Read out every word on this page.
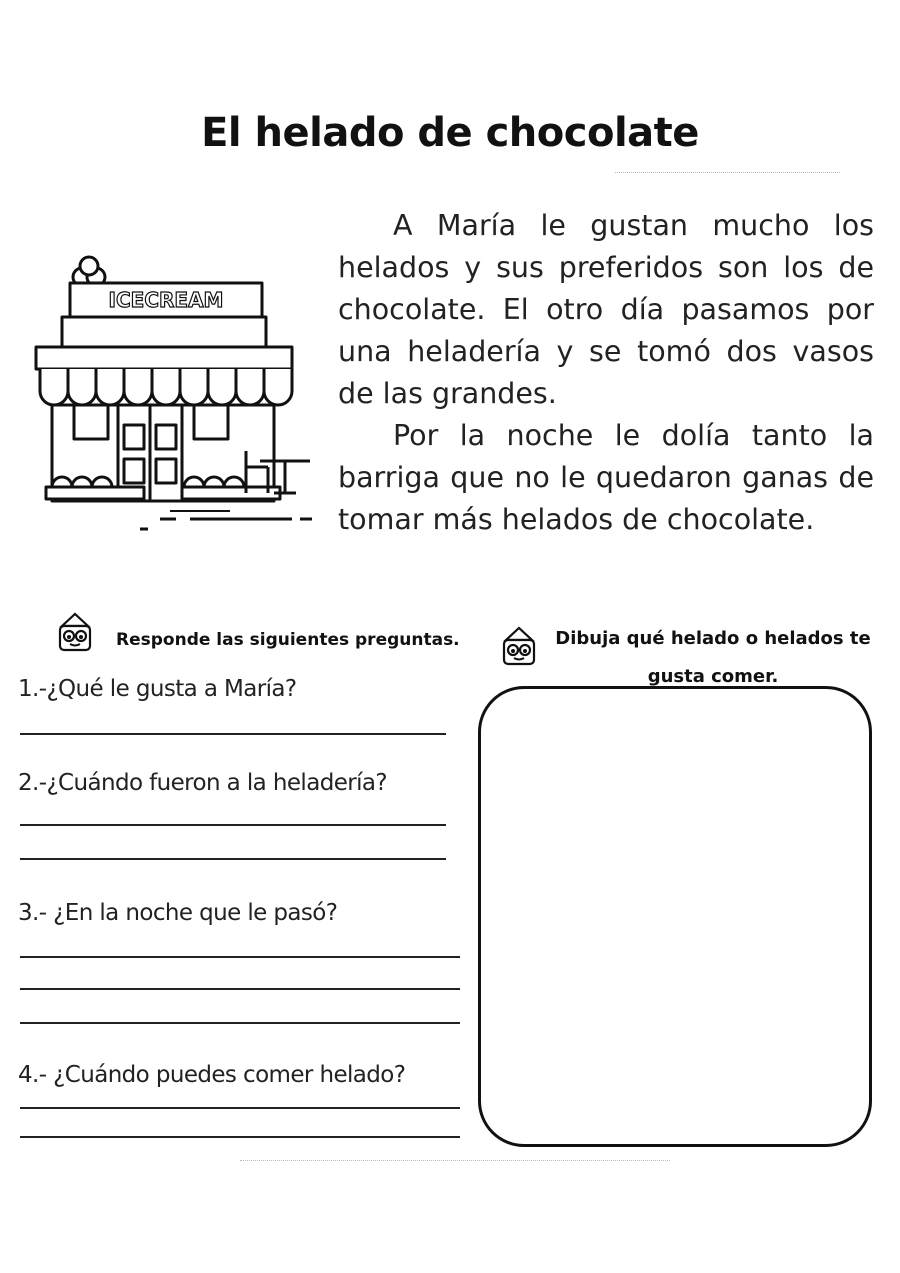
El helado de chocolate
ICECREAM

A María le gustan mucho los helados y sus preferidos son los de chocolate. El otro día pasamos por una heladería y se tomó dos vasos de las grandes.

Por la noche le dolía tanto la barriga que no le quedaron ganas de tomar más helados de chocolate.

Responde las siguientes preguntas.	Dibuja qué helado o helados te gusta comer.
1.-¿Qué le gusta a María?
2.-¿Cuándo fueron a la heladería?
3.- ¿En la noche que le pasó?
4.- ¿Cuándo puedes comer helado?
